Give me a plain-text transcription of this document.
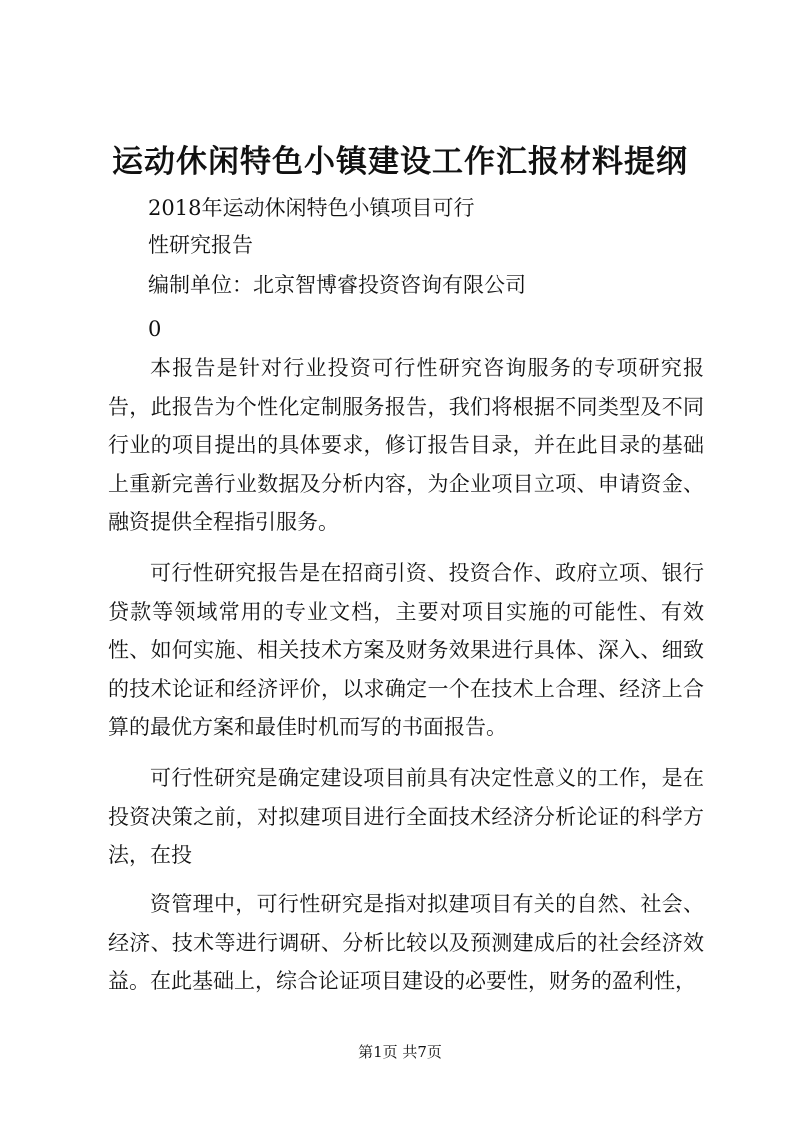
运动休闲特色小镇建设工作汇报材料提纲
2018年运动休闲特色小镇项目可行
性研究报告
编制单位：北京智博睿投资咨询有限公司
0

本报告是针对行业投资可行性研究咨询服务的专项研究报告，此报告为个性化定制服务报告，我们将根据不同类型及不同行业的项目提出的具体要求，修订报告目录，并在此目录的基础上重新完善行业数据及分析内容，为企业项目立项、申请资金、融资提供全程指引服务。

可行性研究报告是在招商引资、投资合作、政府立项、银行贷款等领域常用的专业文档，主要对项目实施的可能性、有效性、如何实施、相关技术方案及财务效果进行具体、深入、细致的技术论证和经济评价，以求确定一个在技术上合理、经济上合算的最优方案和最佳时机而写的书面报告。

可行性研究是确定建设项目前具有决定性意义的工作，是在投资决策之前，对拟建项目进行全面技术经济分析论证的科学方法，在投

资管理中，可行性研究是指对拟建项目有关的自然、社会、经济、技术等进行调研、分析比较以及预测建成后的社会经济效益。在此基础上，综合论证项目建设的必要性，财务的盈利性，

第1页 共7页
